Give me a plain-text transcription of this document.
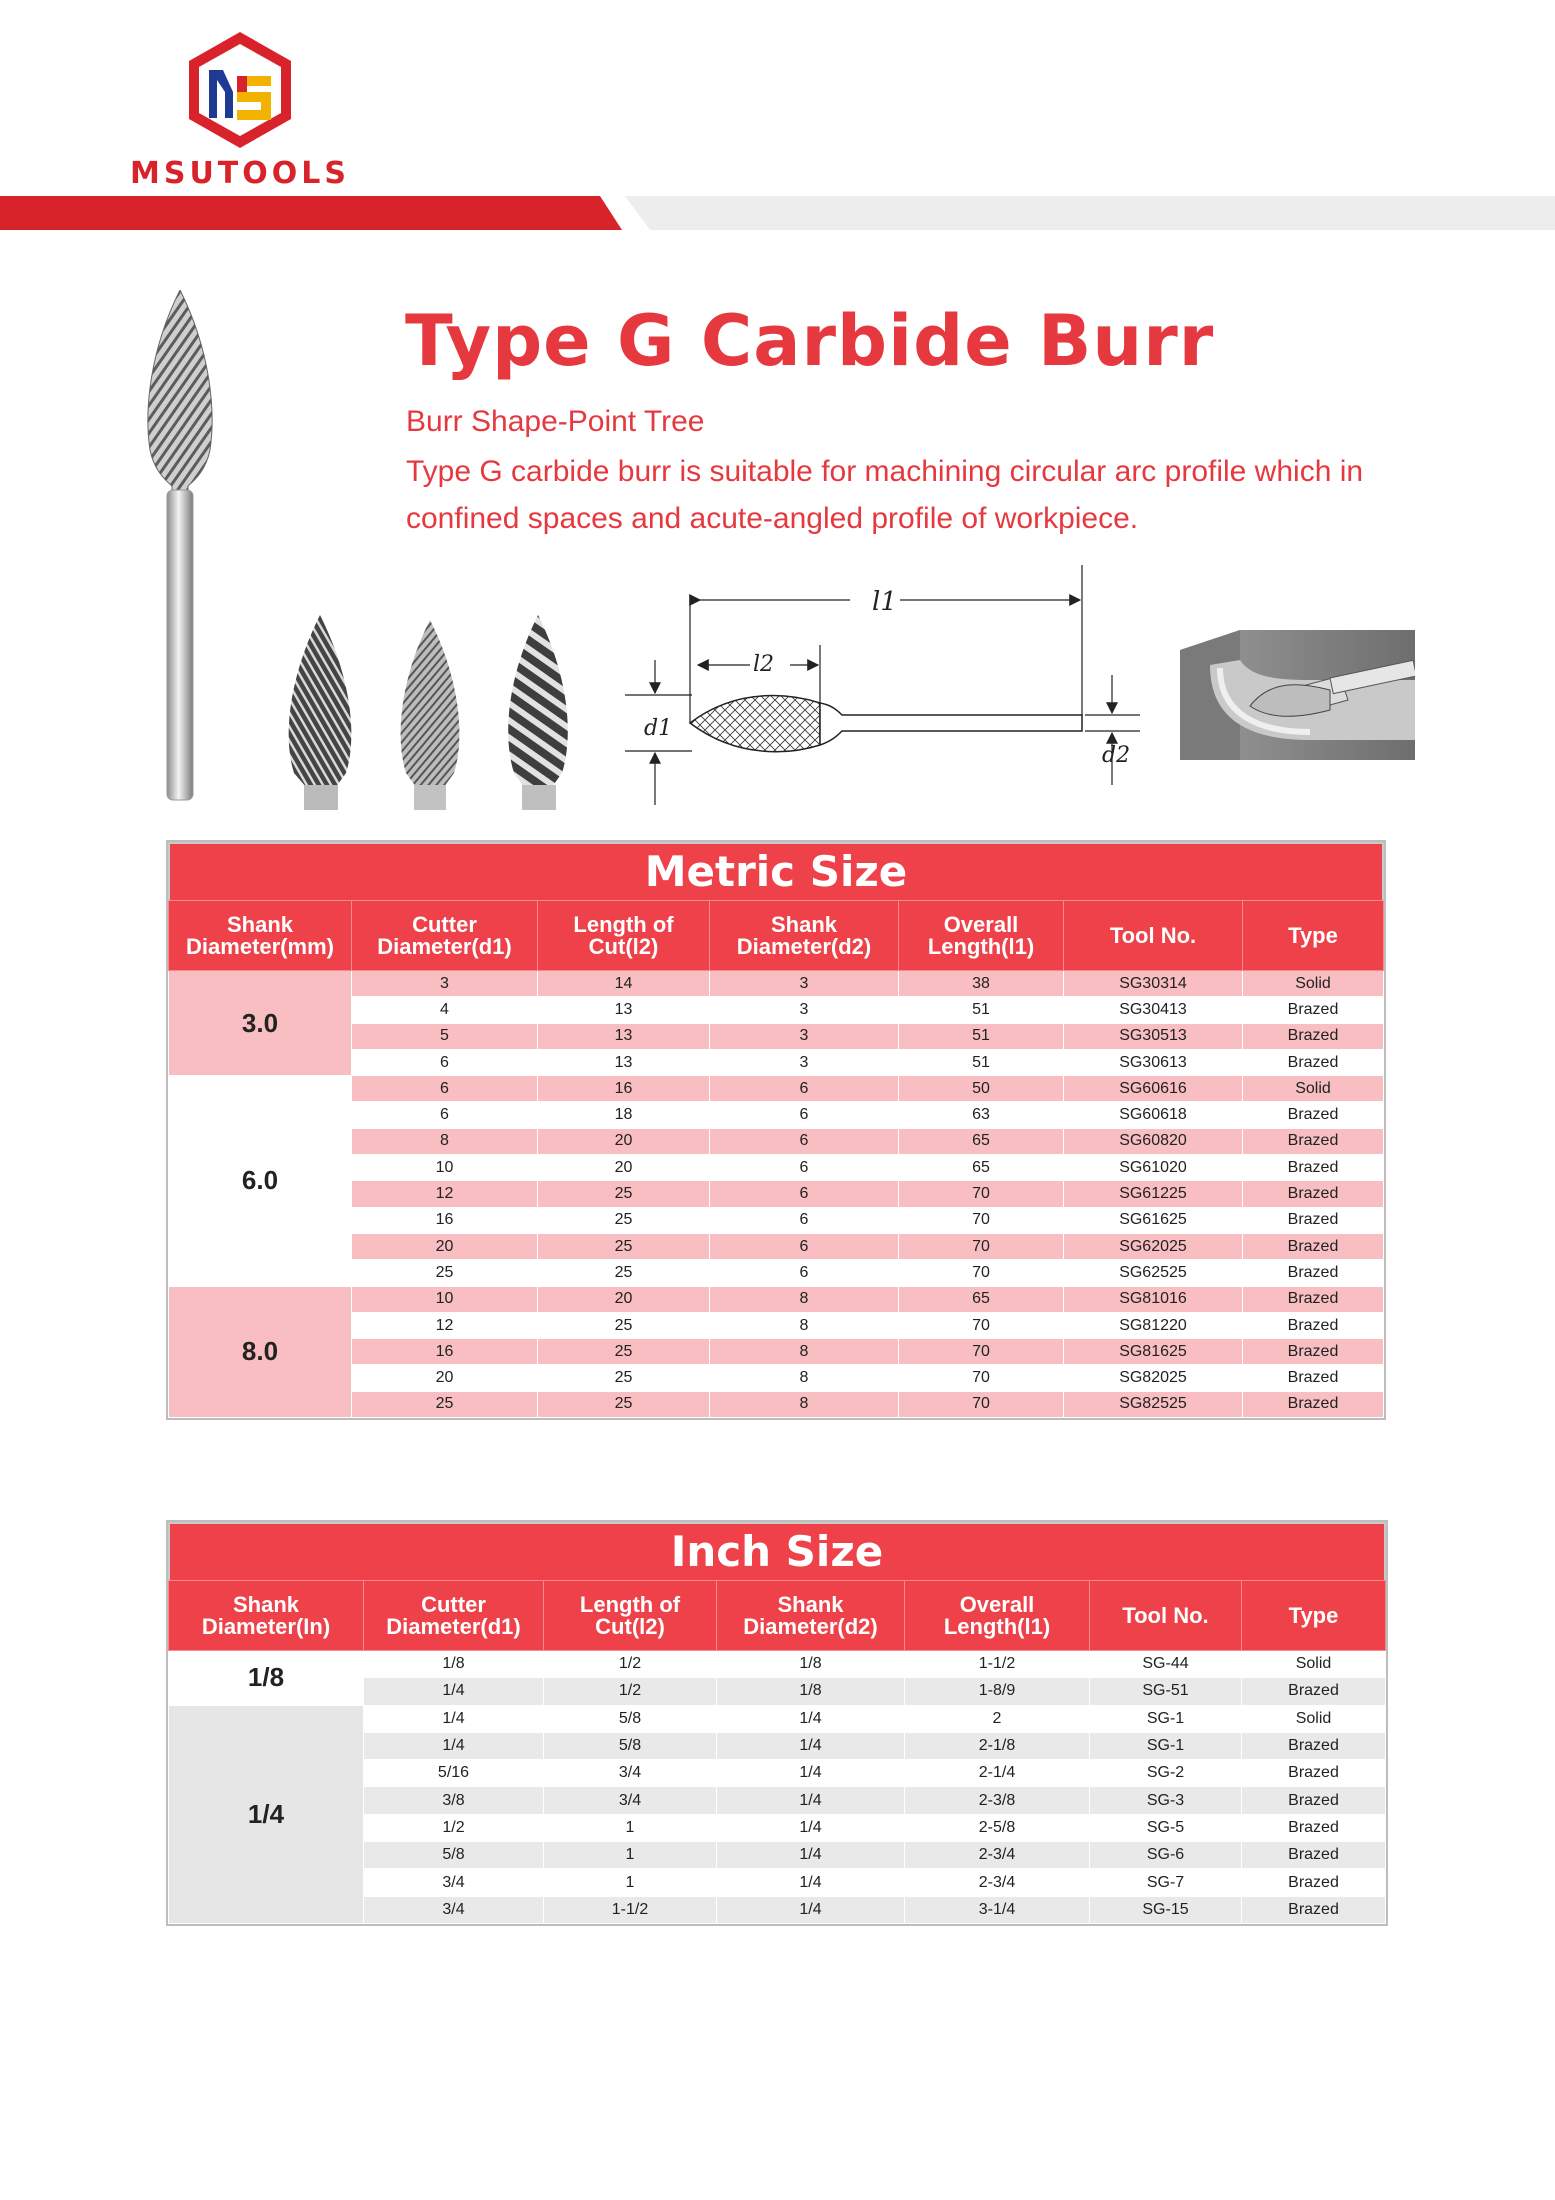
MSUTOOLS
Type G Carbide Burr

Burr Shape-Point Tree

Type G carbide burr is suitable for machining circular arc profile which in confined spaces and acute-angled profile of workpiece.

l1
l2
d1
d2
Metric Size
Shank Diameter(mm)	Cutter Diameter(d1)	Length of Cut(l2)	Shank Diameter(d2)	Overall Length(l1)	Tool No.	Type
3.0	3	14	3	38	SG30314	Solid
	4	13	3	51	SG30413	Brazed
	5	13	3	51	SG30513	Brazed
	6	13	3	51	SG30613	Brazed
6.0	6	16	6	50	SG60616	Solid
	6	18	6	63	SG60618	Brazed
	8	20	6	65	SG60820	Brazed
	10	20	6	65	SG61020	Brazed
	12	25	6	70	SG61225	Brazed
	16	25	6	70	SG61625	Brazed
	20	25	6	70	SG62025	Brazed
	25	25	6	70	SG62525	Brazed
8.0	10	20	8	65	SG81016	Brazed
	12	25	8	70	SG81220	Brazed
	16	25	8	70	SG81625	Brazed
	20	25	8	70	SG82025	Brazed
	25	25	8	70	SG82525	Brazed
Inch Size
Shank Diameter(In)	Cutter Diameter(d1)	Length of Cut(l2)	Shank Diameter(d2)	Overall Length(l1)	Tool No.	Type
1/8	1/8	1/2	1/8	1-1/2	SG-44	Solid
	1/4	1/2	1/8	1-8/9	SG-51	Brazed
1/4	1/4	5/8	1/4	2	SG-1	Solid
	1/4	5/8	1/4	2-1/8	SG-1	Brazed
	5/16	3/4	1/4	2-1/4	SG-2	Brazed
	3/8	3/4	1/4	2-3/8	SG-3	Brazed
	1/2	1	1/4	2-5/8	SG-5	Brazed
	5/8	1	1/4	2-3/4	SG-6	Brazed
	3/4	1	1/4	2-3/4	SG-7	Brazed
	3/4	1-1/2	1/4	3-1/4	SG-15	Brazed
